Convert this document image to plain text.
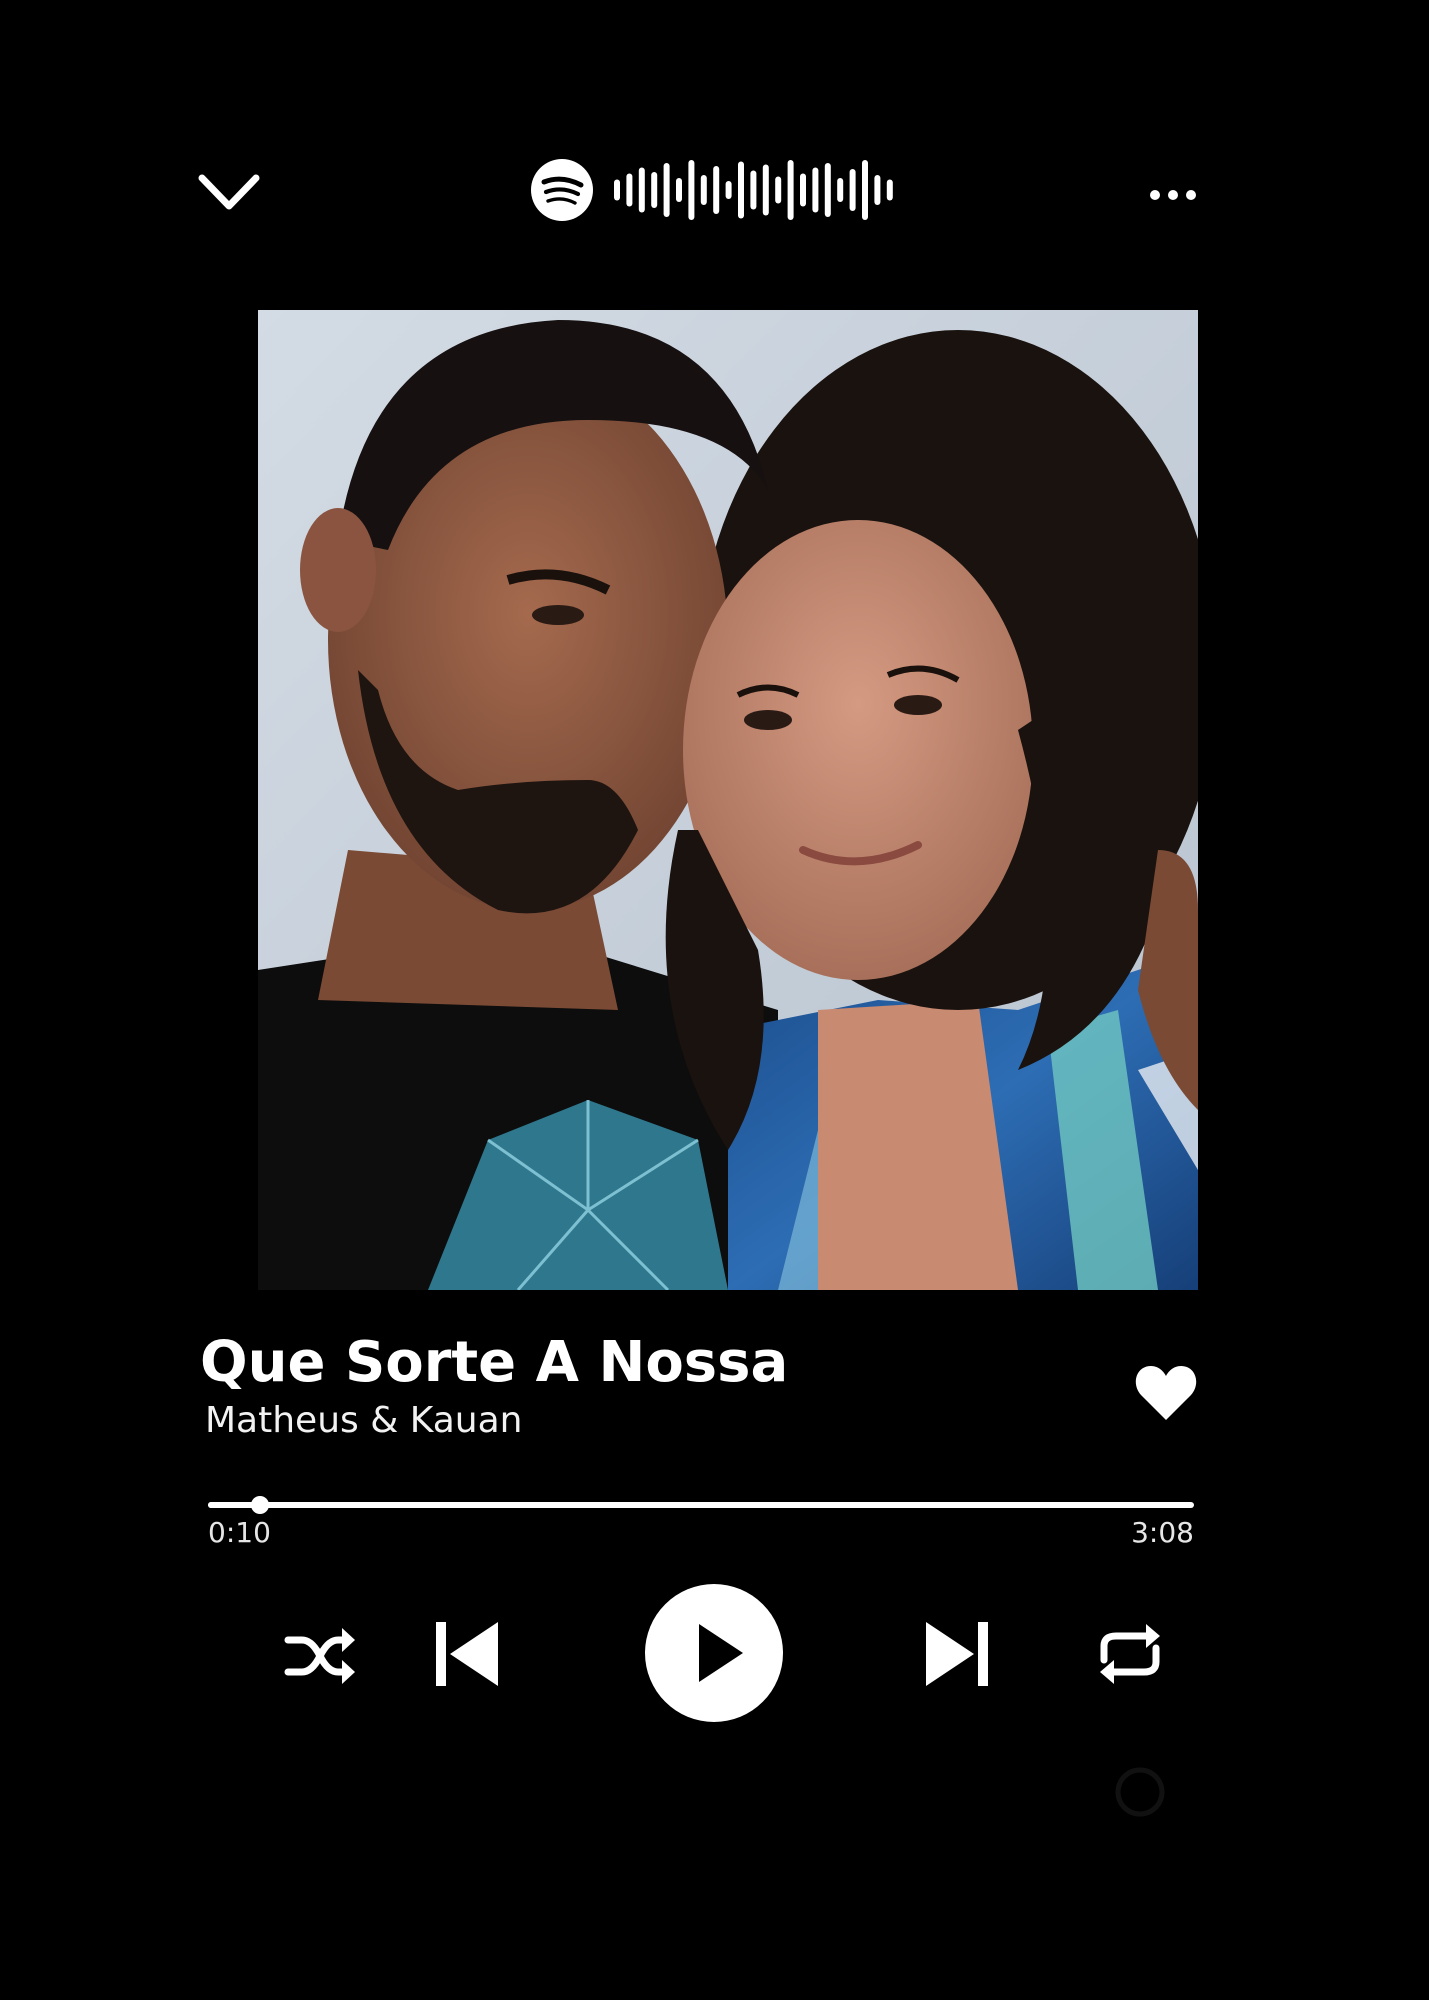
Que Sorte A Nossa
Matheus & Kauan
0:10	3:08
